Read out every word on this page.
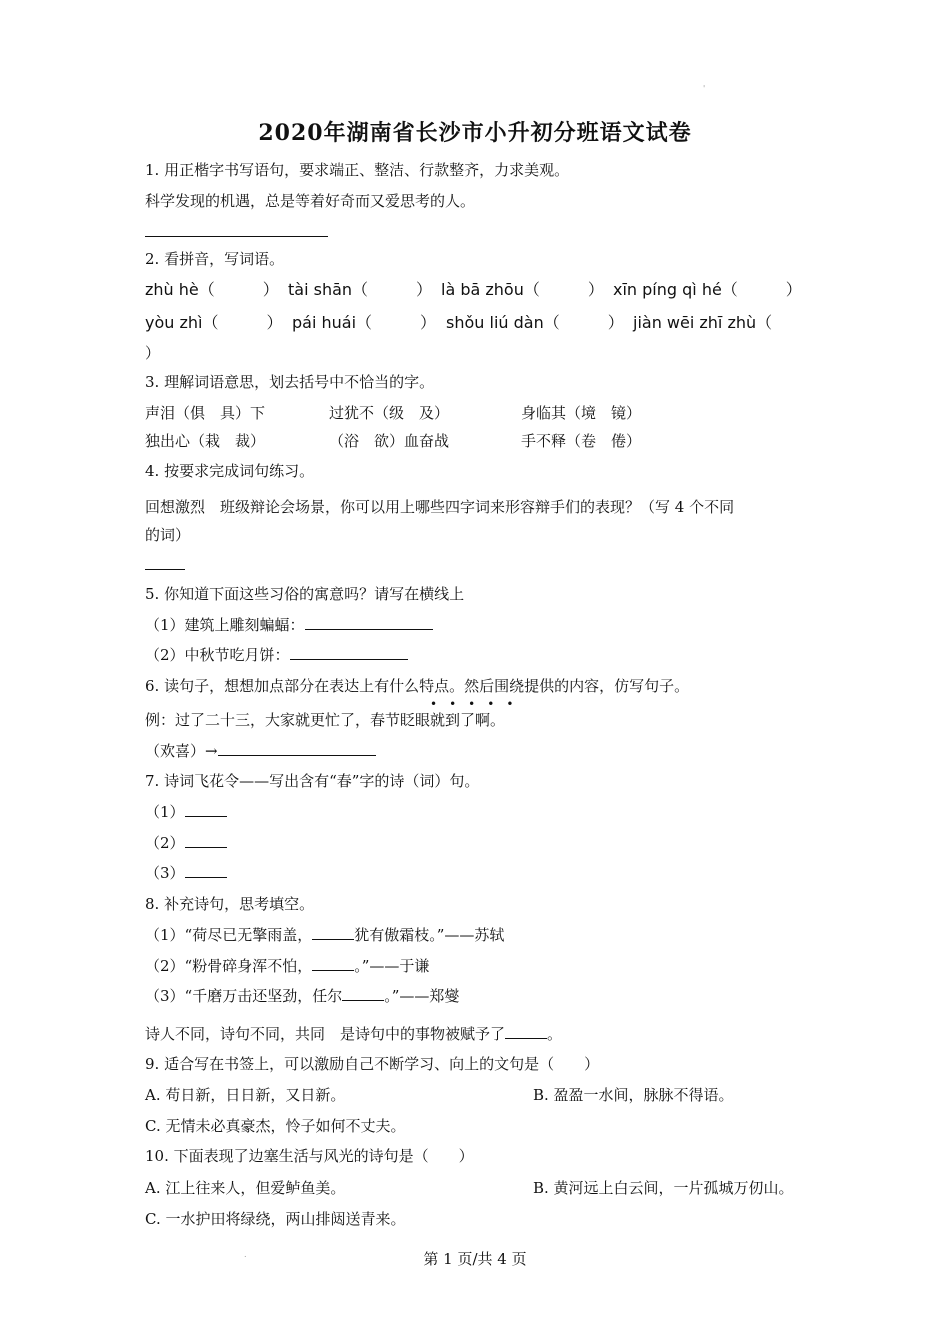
'
2020年湖南省长沙市小升初分班语文试卷
1. 用正楷字书写语句，要求端正、整洁、行款整齐，力求美观。
科学发现的机遇，总是等着好奇而又爱思考的人。
2. 看拼音，写词语。
zhù hè（　　　） tài shān（　　　） là bā zhōu（　　　） xīn píng qì hé（　　　）
yòu zhì（　　　） pái huái（　　　） shǒu liú dàn（　　　） jiàn wēi zhī zhù（
）
3. 理解词语意思，划去括号中不恰当的字。
声泪（俱　具）下	过犹不（级　及）	身临其（境　镜）
独出心（栽　裁）	（浴　欲）血奋战	手不释（卷　倦）
4. 按要求完成词句练习。
回想激烈　班级辩论会场景，你可以用上哪些四字词来形容辩手们的表现？（写 4 个不同
的词）
5. 你知道下面这些习俗的寓意吗？请写在横线上
（1）建筑上雕刻蝙蝠：
（2）中秋节吃月饼：
6. 读句子，想想加点部分在表达上有什么特点。然后围绕提供的内容，仿写句子。
•••••
例：过了二十三，大家就更忙了，春节眨眼就到了啊。
（欢喜）→
7. 诗词飞花令——写出含有“春”字的诗（词）句。
（1）
（2）
（3）
8. 补充诗句，思考填空。
（1）“荷尽已无擎雨盖，	犹有傲霜枝。”——苏轼
（2）“粉骨碎身浑不怕，	。”——于谦
（3）“千磨万击还坚劲，任尔	。”——郑燮
诗人不同，诗句不同，共同　是诗句中的事物被赋予了	。
9. 适合写在书签上，可以激励自己不断学习、向上的文句是（　　）
A. 苟日新，日日新，又日新。	B. 盈盈一水间，脉脉不得语。
C. 无情未必真豪杰，怜子如何不丈夫。
10. 下面表现了边塞生活与风光的诗句是（　　）
A. 江上往来人，但爱鲈鱼美。	B. 黄河远上白云间，一片孤城万仞山。
C. 一水护田将绿绕，两山排闼送青来。
.	第 1 页/共 4 页
